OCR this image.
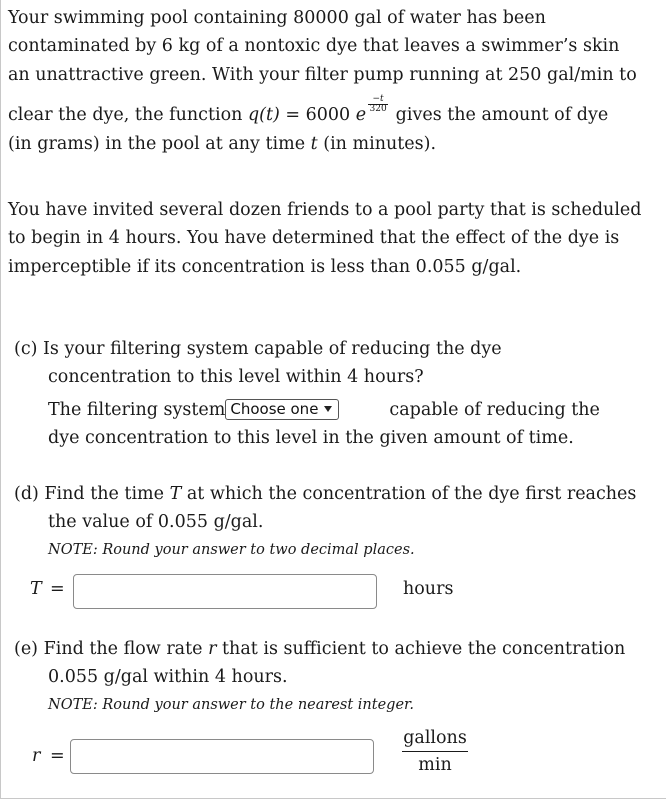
Your swimming pool containing 80000 gal of water has been
contaminated by 6 kg of a nontoxic dye that leaves a swimmer’s skin
an unattractive green. With your filter pump running at 250 gal/min to
clear the dye, the function q(t) = 6000 e
$\frac{-t}{320}$
gives the amount of dye
(in grams) in the pool at any time t (in minutes).
You have invited several dozen friends to a pool party that is scheduled
to begin in 4 hours. You have determined that the effect of the dye is
imperceptible if its concentration is less than 0.055 g/gal.
(c) Is your filtering system capable of reducing the dye
concentration to this level within 4 hours?
The filtering system Choose one	capable of reducing the
dye concentration to this level in the given amount of time.
(d) Find the time T at which the concentration of the dye first reaches
the value of 0.055 g/gal.
NOTE: Round your answer to two decimal places.
T =	hours
(e) Find the flow rate r that is sufficient to achieve the concentration
0.055 g/gal within 4 hours.
NOTE: Round your answer to the nearest integer.
r =
gallons
min
